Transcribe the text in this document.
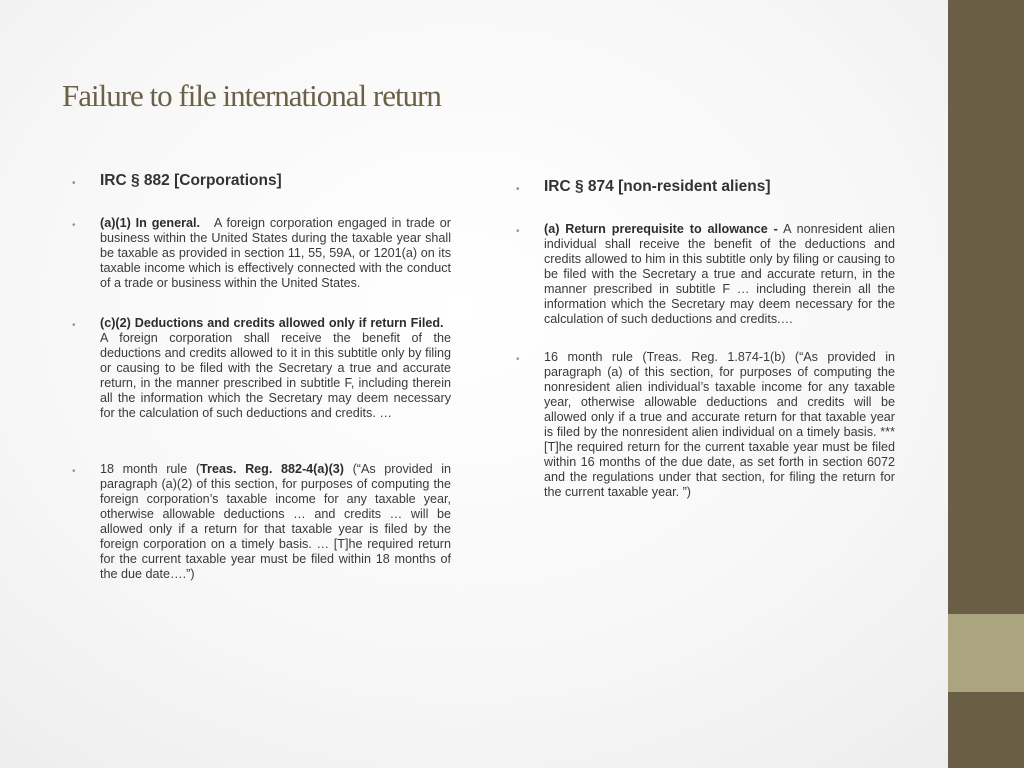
Failure to file international return
• IRC § 882 [Corporations]
• (a)(1) In general. A foreign corporation engaged in trade or business within the United States during the taxable year shall be taxable as provided in section 11, 55, 59A, or 1201(a) on its taxable income which is effectively connected with the conduct of a trade or business within the United States.
• (c)(2) Deductions and credits allowed only if return Filed.   A foreign corporation shall receive the benefit of the deductions and credits allowed to it in this subtitle only by filing or causing to be filed with the Secretary a true and accurate return, in the manner prescribed in subtitle F, including therein all the information which the Secretary may deem necessary for the calculation of such deductions and credits. …
• 18 month rule (Treas. Reg. 882-4(a)(3) (“As provided in paragraph (a)(2) of this section, for purposes of computing the foreign corporation’s taxable income for any taxable year, otherwise allowable deductions … and credits … will be allowed only if a return for that taxable year is filed by the foreign corporation on a timely basis. … [T]he required return for the current taxable year must be filed within 18 months of the due date….”)
• IRC § 874 [non-resident aliens]
• (a) Return prerequisite to allowance - A nonresident alien individual shall receive the benefit of the deductions and credits allowed to him in this subtitle only by filing or causing to be filed with the Secretary a true and accurate return, in the manner prescribed in subtitle F … including therein all the information which the Secretary may deem necessary for the calculation of such deductions and credits.…
• 16 month rule (Treas. Reg. 1.874-1(b) (“As provided in paragraph (a) of this section, for purposes of computing the nonresident alien individual’s taxable income for any taxable year, otherwise allowable deductions and credits will be allowed only if a true and accurate return for that taxable year is filed by the nonresident alien individual on a timely basis. *** [T]he required return for the current taxable year must be filed within 16 months of the due date, as set forth in section 6072 and the regulations under that section, for filing the return for the current taxable year. ”)
